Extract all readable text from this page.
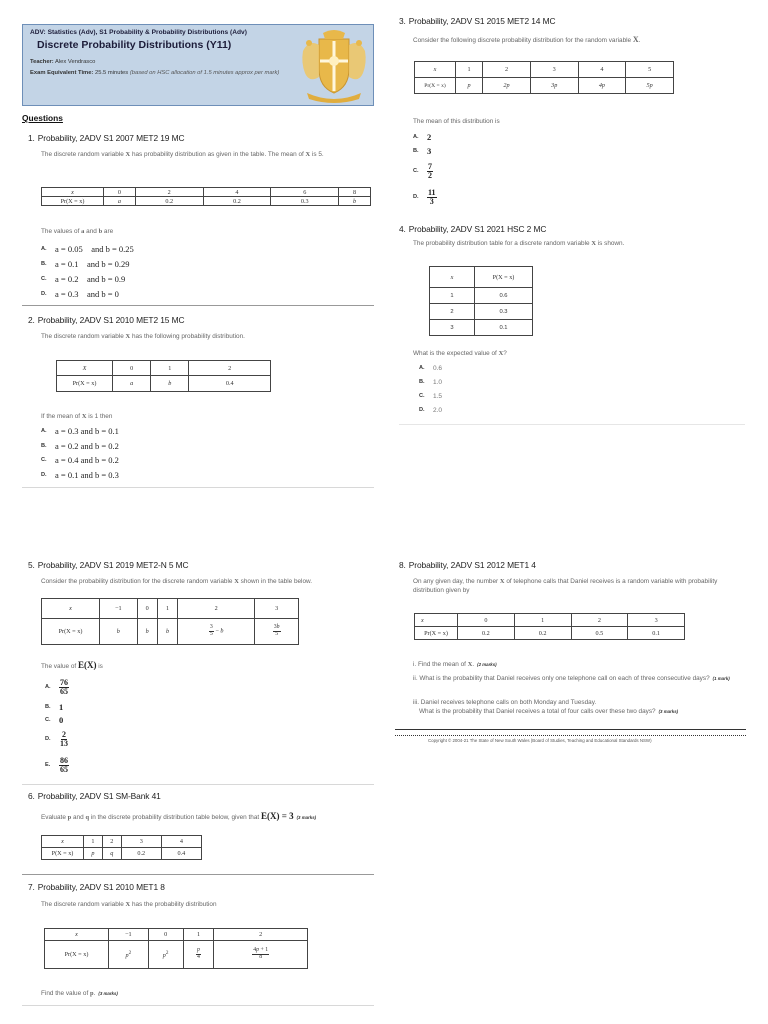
ADV: Statistics (Adv), S1 Probability & Probability Distributions (Adv)
Discrete Probability Distributions (Y11)
Teacher: Alex Vendrasco
Exam Equivalent Time: 25.5 minutes (based on HSC allocation of 1.5 minutes approx per mark)
Questions
1. Probability, 2ADV S1 2007 MET2 19 MC
The discrete random variable X has probability distribution as given in the table. The mean of X is 5.
x	0	2	4	6	8
Pr(X = x)	a	0.2	0.2	0.3	b
The values of a and b are
A. a = 0.05    and b = 0.25
B. a = 0.1    and b = 0.29
C. a = 0.2    and b = 0.9
D. a = 0.3    and b = 0
2. Probability, 2ADV S1 2010 MET2 15 MC
The discrete random variable X has the following probability distribution.
X	0	1	2
Pr(X = x)	a	b	0.4
If the mean of X is 1 then
A. a = 0.3 and b = 0.1
B. a = 0.2 and b = 0.2
C. a = 0.4 and b = 0.2
D. a = 0.1 and b = 0.3
3. Probability, 2ADV S1 2015 MET2 14 MC
Consider the following discrete probability distribution for the random variable X.
x	1	2	3	4	5
Pr(X = x)	p	2p	3p	4p	5p
The mean of this distribution is
A. 2
B. 3
C.	$\frac{7}{2}$
D.	$\frac{11}{3}$
4. Probability, 2ADV S1 2021 HSC 2 MC
The probability distribution table for a discrete random variable X is shown.
x	P(X = x)
1	0.6
2	0.3
3	0.1
What is the expected value of X?
A.	0.6
B.	1.0
C.	1.5
D.	2.0
5. Probability, 2ADV S1 2019 MET2-N 5 MC
Consider the probability distribution for the discrete random variable X shown in the table below.
x	−1	0	1	2	3
Pr(X = x)	b	b	b	$\frac{3}{5} - b$	$\frac{3b}{5}$
The value of E(X) is
A.	$\frac{76}{65}$
B. 1
C. 0
D.	$\frac{2}{13}$
E.	$\frac{86}{65}$
6. Probability, 2ADV S1 SM-Bank 41
Evaluate p and q in the discrete probability distribution table below, given that E(X) = 3 (3 marks)
x	1	2	3	4
P(X = x)	p	q	0.2	0.4
7. Probability, 2ADV S1 2010 MET1 8
The discrete random variable X has the probability distribution
x	−1	0	1	2
Pr(X = x)	$p^2$	$p^2$	$\frac{p}{4}$	$\frac{4p + 1}{8}$
Find the value of p. (3 marks)
8. Probability, 2ADV S1 2012 MET1 4
On any given day, the number X of telephone calls that Daniel receives is a random variable with probability distribution given by
x	0	1	2	3
Pr(X = x)	0.2	0.2	0.5	0.1
i. Find the mean of X. (2 marks)
ii. What is the probability that Daniel receives only one telephone call on each of three consecutive days? (1 mark)
iii. Daniel receives telephone calls on both Monday and Tuesday.
What is the probability that Daniel receives a total of four calls over these two days? (3 marks)
Copyright © 2004-21 The State of New South Wales (Board of Studies, Teaching and Educational Standards NSW)
